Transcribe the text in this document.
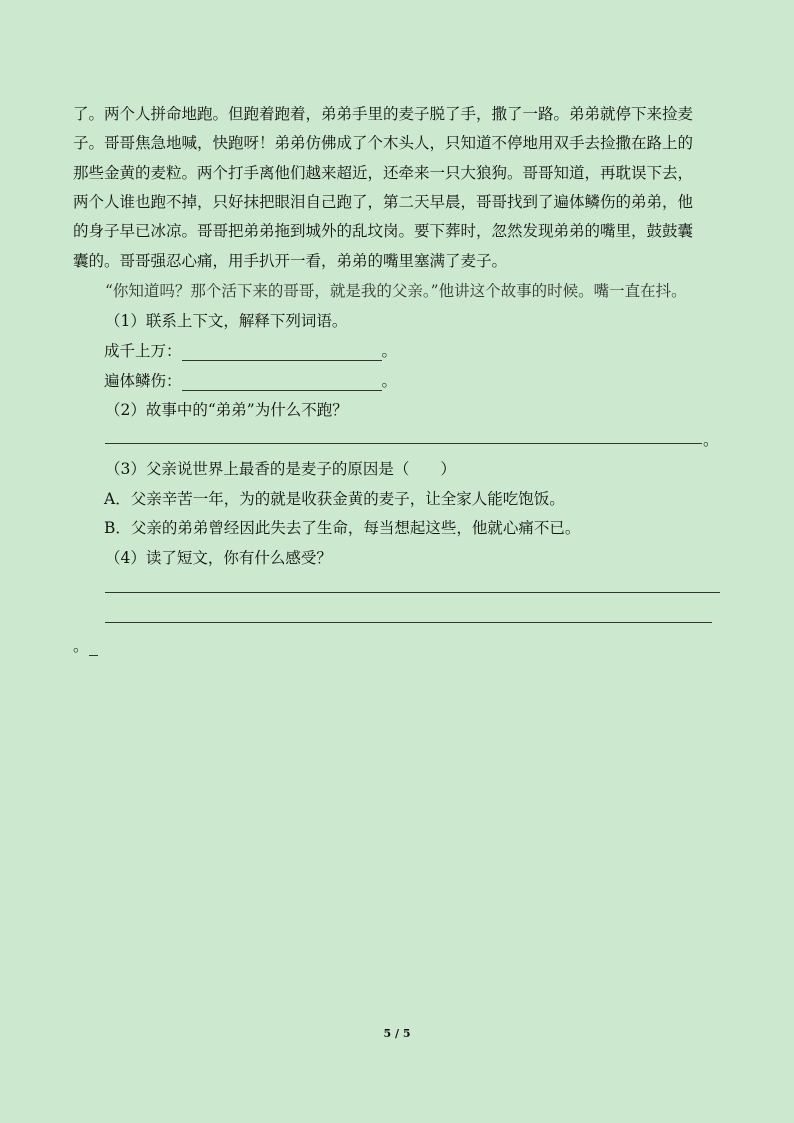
了。两个人拼命地跑。但跑着跑着，弟弟手里的麦子脱了手，撒了一路。弟弟就停下来捡麦
子。哥哥焦急地喊，快跑呀！弟弟仿佛成了个木头人，只知道不停地用双手去捡撒在路上的
那些金黄的麦粒。两个打手离他们越来超近，还牵来一只大狼狗。哥哥知道，再耽误下去，
两个人谁也跑不掉，只好抹把眼泪自己跑了，第二天早晨，哥哥找到了遍体鳞伤的弟弟，他
的身子早已冰凉。哥哥把弟弟拖到城外的乱坟岗。要下葬时，忽然发现弟弟的嘴里，鼓鼓囊
囊的。哥哥强忍心痛，用手扒开一看，弟弟的嘴里塞满了麦子。
“你知道吗？那个活下来的哥哥，就是我的父亲。”他讲这个故事的时候。嘴一直在抖。
（1）联系上下文，解释下列词语。
成千上万：	。
遍体鳞伤：	。
（2）故事中的“弟弟”为什么不跑？
。
（3）父亲说世界上最香的是麦子的原因是（　　）
A．父亲辛苦一年，为的就是收获金黄的麦子，让全家人能吃饱饭。
B．父亲的弟弟曾经因此失去了生命，每当想起这些，他就心痛不已。
（4）读了短文，你有什么感受？
。
5 / 5
